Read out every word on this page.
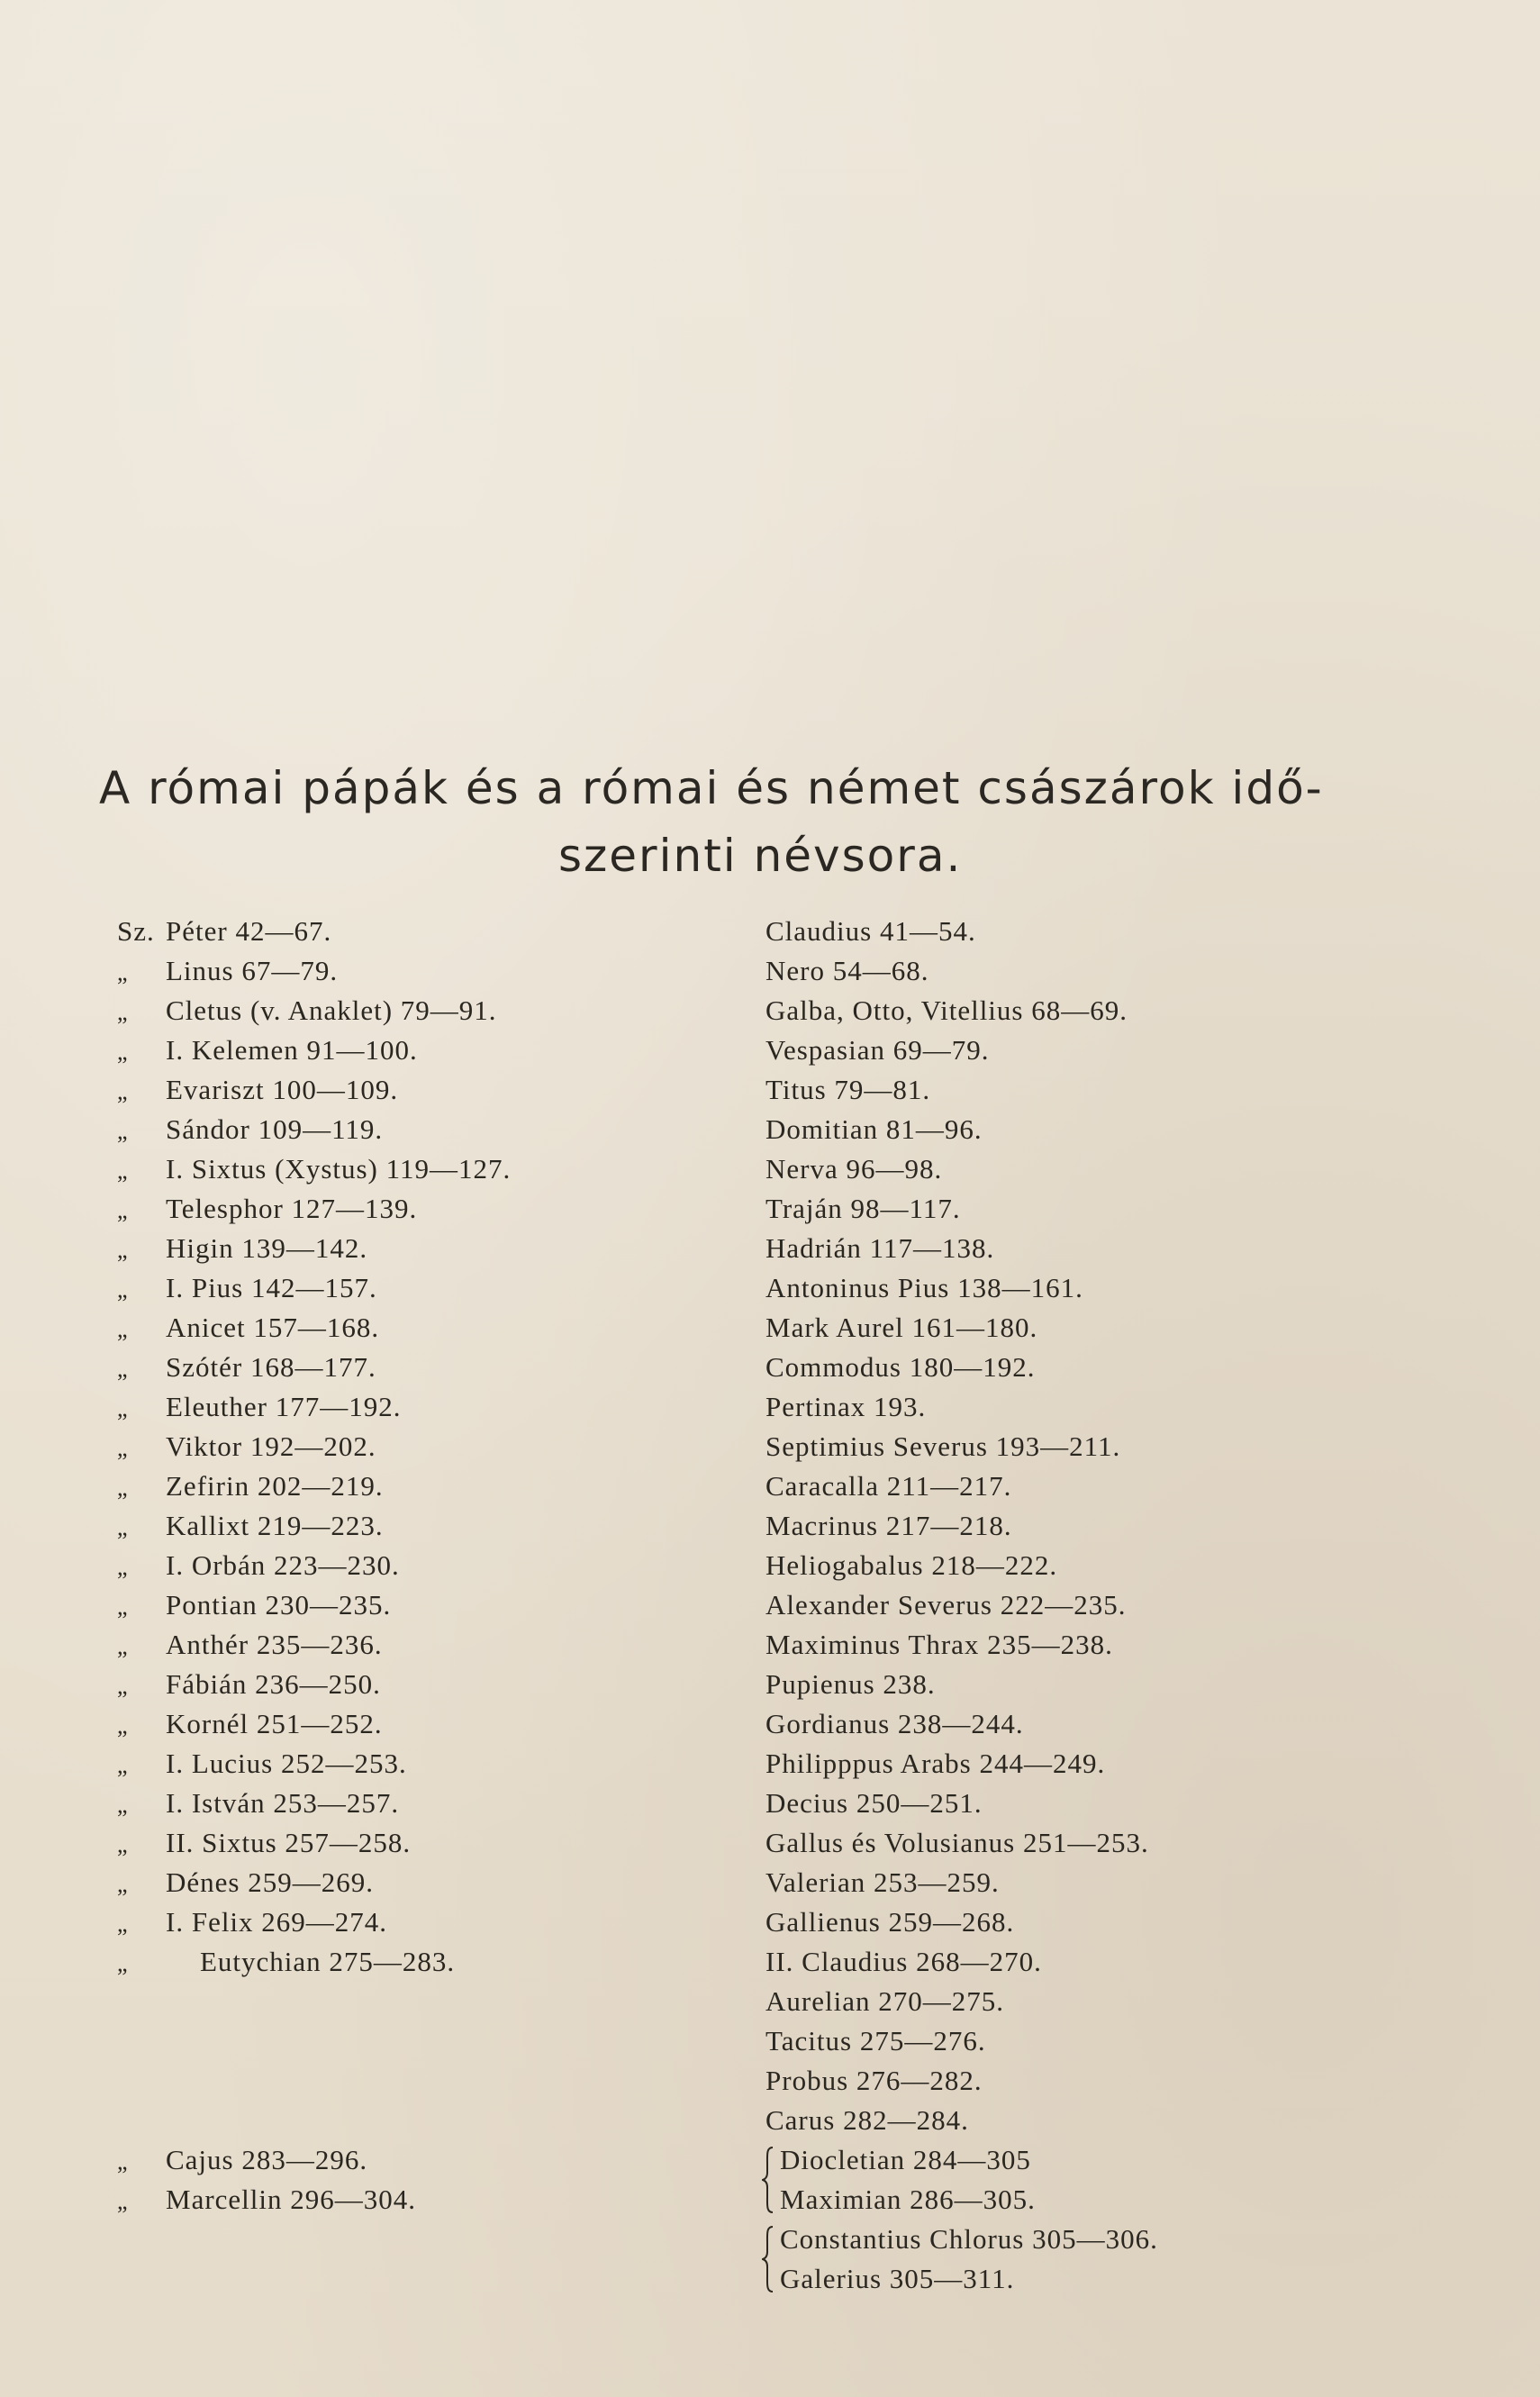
A római pápák és a római és német császárok idő-
szerinti névsora.
Sz. Péter 42—67.
„ Linus 67—79.
„ Cletus (v. Anaklet) 79—91.
„ I. Kelemen 91—100.
„ Evariszt 100—109.
„ Sándor 109—119.
„ I. Sixtus (Xystus) 119—127.
„ Telesphor 127—139.
„ Higin 139—142.
„ I. Pius 142—157.
„ Anicet 157—168.
„ Szótér 168—177.
„ Eleuther 177—192.
„ Viktor 192—202.
„ Zefirin 202—219.
„ Kallixt 219—223.
„ I. Orbán 223—230.
„ Pontian 230—235.
„ Anthér 235—236.
„ Fábián 236—250.
„ Kornél 251—252.
„ I. Lucius 252—253.
„ I. István 253—257.
„ II. Sixtus 257—258.
„ Dénes 259—269.
„ I. Felix 269—274.
„	Eutychian 275—283.
„ Cajus 283—296.
„ Marcellin 296—304.
Claudius 41—54.
Nero 54—68.
Galba, Otto, Vitellius 68—69.
Vespasian 69—79.
Titus 79—81.
Domitian 81—96.
Nerva 96—98.
Traján 98—117.
Hadrián 117—138.
Antoninus Pius 138—161.
Mark Aurel 161—180.
Commodus 180—192.
Pertinax 193.
Septimius Severus 193—211.
Caracalla 211—217.
Macrinus 217—218.
Heliogabalus 218—222.
Alexander Severus 222—235.
Maximinus Thrax 235—238.
Pupienus 238.
Gordianus 238—244.
Philipppus Arabs 244—249.
Decius 250—251.
Gallus és Volusianus 251—253.
Valerian 253—259.
Gallienus 259—268.
II. Claudius 268—270.
Aurelian 270—275.
Tacitus 275—276.
Probus 276—282.
Carus 282—284.
Diocletian 284—305
Maximian 286—305.
Constantius Chlorus 305—306.
Galerius 305—311.
